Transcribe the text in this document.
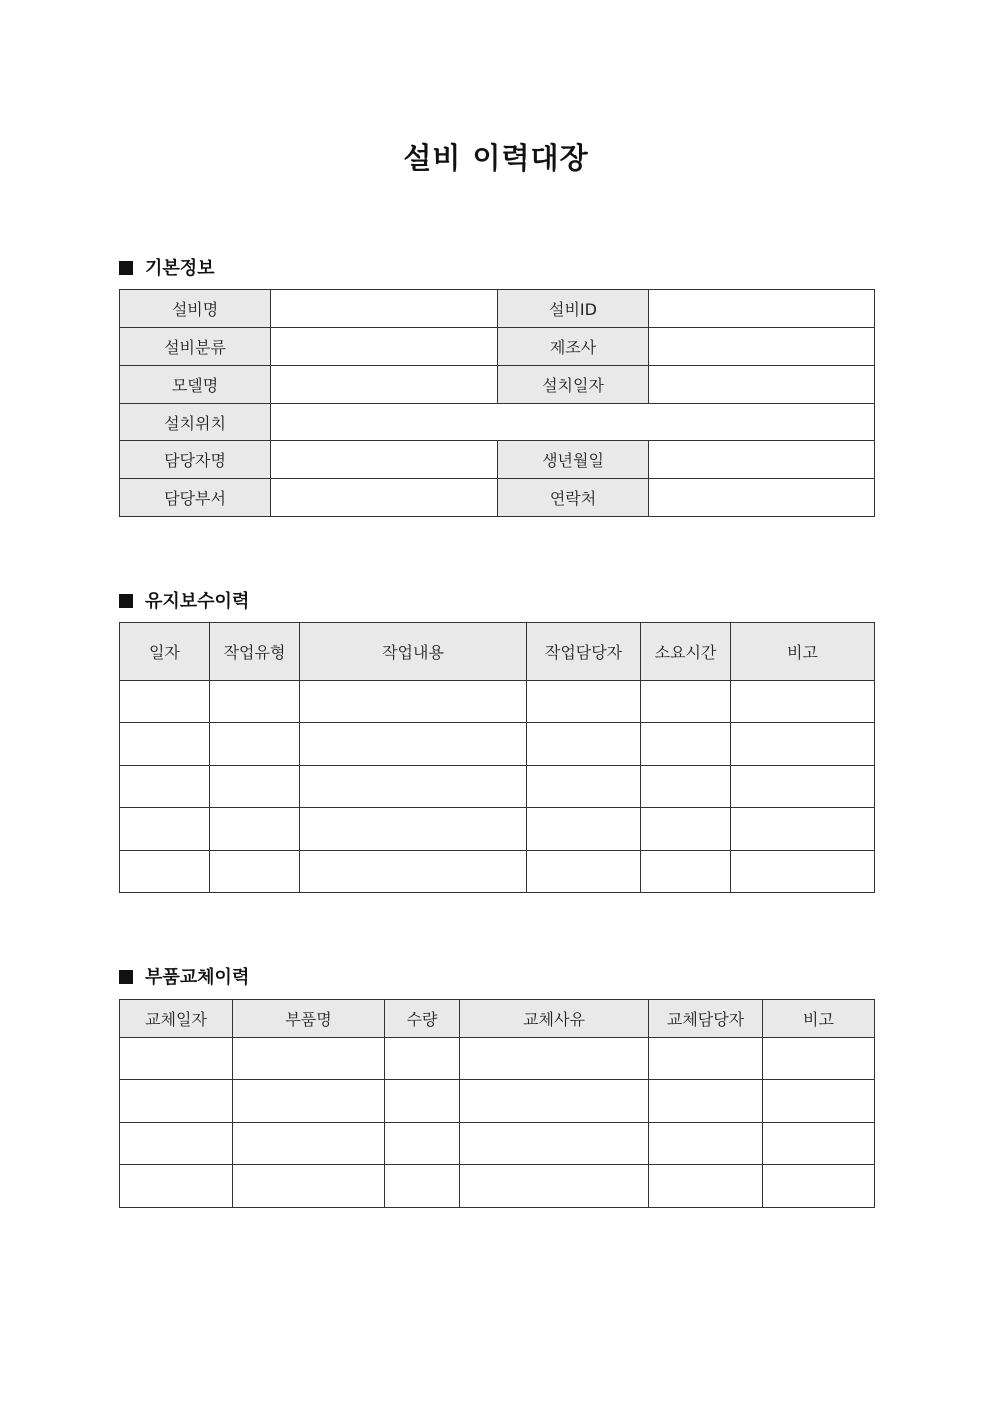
설비 이력대장
기본정보
설비명		설비ID	
설비분류		제조사	
모델명		설치일자	
설치위치			
담당자명		생년월일	
담당부서		연락처	
유지보수이력
일자	작업유형	작업내용	작업담당자	소요시간	비고

부품교체이력
교체일자	부품명	수량	교체사유	교체담당자	비고
